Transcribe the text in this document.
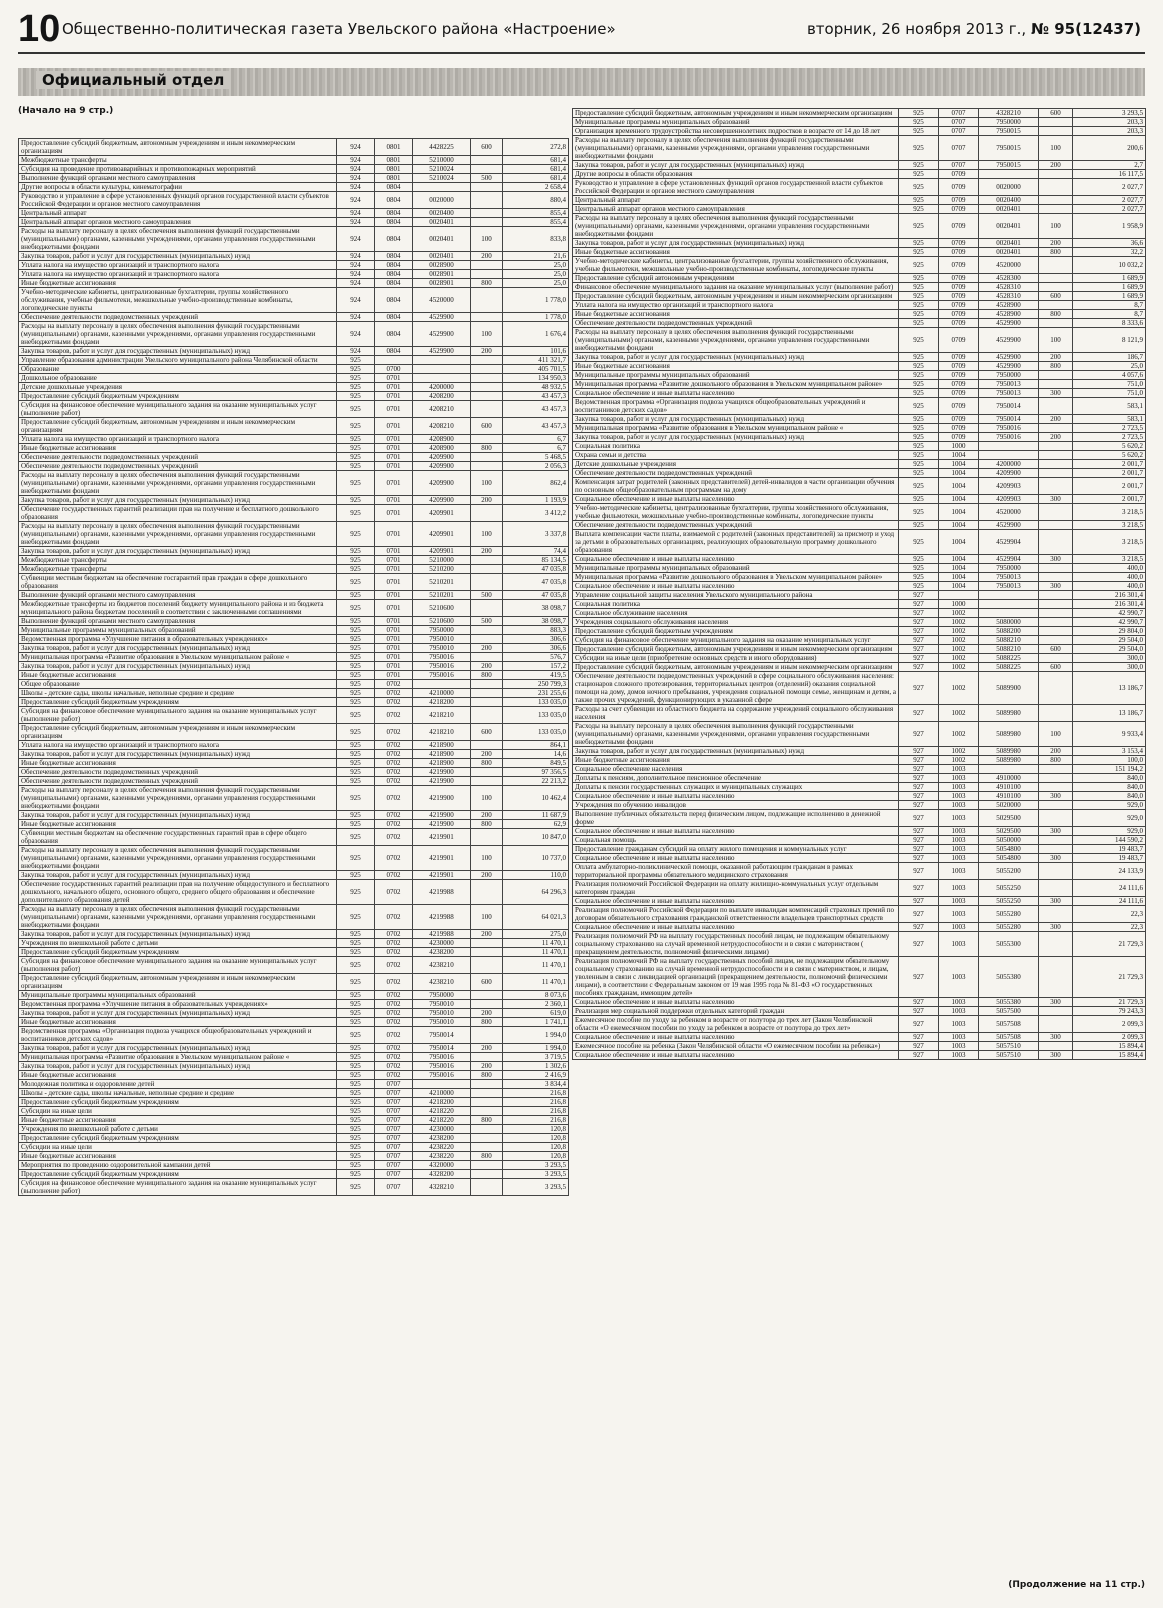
10 Общественно-политическая газета Увельского района «Настроение»	вторник, 26 ноября 2013 г., № 95(12437)
Официальный отдел
(Начало на 9 стр.)
Предоставление субсидий бюджетным, автономным учреждениям и иным некоммерческим организациям	924	0801	4428225	600	272,8
Межбюджетные трансферты	924	0801	5210000		681,4
Субсидия на проведение противоаварийных и противопожарных мероприятий	924	0801	5210024		681,4
Выполнение функций органами местного самоуправления	924	0801	5210024	500	681,4
Другие вопросы в области культуры, кинематографии	924	0804			2 658,4
Руководство и управление в сфере установленных функций органов государственной власти субъектов Российской Федерации и органов местного самоуправления	924	0804	0020000		880,4
Центральный аппарат	924	0804	0020400		855,4
Центральный аппарат органов местного самоуправления	924	0804	0020401		855,4
Расходы на выплату персоналу в целях обеспечения выполнения функций государственными (муниципальными) органами, казенными учреждениями, органами управления государственными внебюджетными фондами	924	0804	0020401	100	833,8
Закупка товаров, работ и услуг для государственных (муниципальных) нужд	924	0804	0020401	200	21,6
Уплата налога на имущество организаций и транспортного налога	924	0804	0028900		25,0
Уплата налога на имущество организаций и транспортного налога	924	0804	0028901		25,0
Иные бюджетные ассигнования	924	0804	0028901	800	25,0
Учебно-методические кабинеты, централизованные бухгалтерии, группы хозяйственного обслуживания, учебные фильмотеки, межшкольные учебно-производственные комбинаты, логопедические пункты	924	0804	4520000		1 778,0
Обеспечение деятельности подведомственных учреждений	924	0804	4529900		1 778,0
Расходы на выплату персоналу в целях обеспечения выполнения функций государственными (муниципальными) органами, казенными учреждениями, органами управления государственными внебюджетными фондами	924	0804	4529900	100	1 676,4
Закупка товаров, работ и услуг для государственных (муниципальных) нужд	924	0804	4529900	200	101,6
Управление образования администрации Увельского муниципального района Челябинской области	925				411 321,7
Образование	925	0700			405 701,5
Дошкольное образование	925	0701			134 950,3
Детские дошкольные учреждения	925	0701	4200000		48 932,5
Предоставление субсидий бюджетным учреждениям	925	0701	4208200		43 457,3
Субсидия на финансовое обеспечение муниципального задания на оказание муниципальных услуг (выполнение работ)	925	0701	4208210		43 457,3
Предоставление субсидий бюджетным, автономным учреждениям и иным некоммерческим организациям	925	0701	4208210	600	43 457,3
Уплата налога на имущество организаций и транспортного налога	925	0701	4208900		6,7
Иные бюджетные ассигнования	925	0701	4208900	800	6,7
Обеспечение деятельности подведомственных учреждений	925	0701	4209900		5 468,5
Обеспечение деятельности подведомственных учреждений	925	0701	4209900		2 056,3
Расходы на выплату персоналу в целях обеспечения выполнения функций государственными (муниципальными) органами, казенными учреждениями, органами управления государственными внебюджетными фондами	925	0701	4209900	100	862,4
Закупка товаров, работ и услуг для государственных (муниципальных) нужд	925	0701	4209900	200	1 193,9
Обеспечение государственных гарантий реализации прав на получение и бесплатного дошкольного образования	925	0701	4209901		3 412,2
Расходы на выплату персоналу в целях обеспечения выполнения функций государственными (муниципальными) органами, казенными учреждениями, органами управления государственными внебюджетными фондами	925	0701	4209901	100	3 337,8
Закупка товаров, работ и услуг для государственных (муниципальных) нужд	925	0701	4209901	200	74,4
Межбюджетные трансферты	925	0701	5210000		85 134,5
Межбюджетные трансферты	925	0701	5210200		47 035,8
Субвенции местным бюджетам на обеспечение госгарантий прав граждан в сфере дошкольного образования	925	0701	5210201		47 035,8
Выполнение функций органами местного самоуправления	925	0701	5210201	500	47 035,8
Межбюджетные трансферты из бюджетов поселений бюджету муниципального района и из бюджета муниципального района бюджетам поселений в соответствии с заключенными соглашениями	925	0701	5210600		38 098,7
Выполнение функций органами местного самоуправления	925	0701	5210600	500	38 098,7
Муниципальные программы муниципальных образований	925	0701	7950000		883,3
Ведомственная программа «Улучшение питания в образовательных учреждениях»	925	0701	7950010		306,6
Закупка товаров, работ и услуг для государственных (муниципальных) нужд	925	0701	7950010	200	306,6
Муниципальная программа «Развитие образования в Увельском муниципальном районе «	925	0701	7950016		576,7
Закупка товаров, работ и услуг для государственных (муниципальных) нужд	925	0701	7950016	200	157,2
Иные бюджетные ассигнования	925	0701	7950016	800	419,5
Общее образование	925	0702			250 799,3
Школы - детские сады, школы начальные, неполные средние и средние	925	0702	4210000		231 255,6
Предоставление субсидий бюджетным учреждениям	925	0702	4218200		133 035,0
Субсидия на финансовое обеспечение муниципального задания на оказание муниципальных услуг (выполнение работ)	925	0702	4218210		133 035,0
Предоставление субсидий бюджетным, автономным учреждениям и иным некоммерческим организациям	925	0702	4218210	600	133 035,0
Уплата налога на имущество организаций и транспортного налога	925	0702	4218900		864,1
Закупка товаров, работ и услуг для государственных (муниципальных) нужд	925	0702	4218900	200	14,6
Иные бюджетные ассигнования	925	0702	4218900	800	849,5
Обеспечение деятельности подведомственных учреждений	925	0702	4219900		97 356,5
Обеспечение деятельности подведомственных учреждений	925	0702	4219900		22 213,2
Расходы на выплату персоналу в целях обеспечения выполнения функций государственными (муниципальными) органами, казенными учреждениями, органами управления государственными внебюджетными фондами	925	0702	4219900	100	10 462,4
Закупка товаров, работ и услуг для государственных (муниципальных) нужд	925	0702	4219900	200	11 687,9
Иные бюджетные ассигнования	925	0702	4219900	800	62,9
Субвенции местным бюджетам на обеспечение государственных гарантий прав в сфере общего образования	925	0702	4219901		10 847,0
Расходы на выплату персоналу в целях обеспечения выполнения функций государственными (муниципальными) органами, казенными учреждениями, органами управления государственными внебюджетными фондами	925	0702	4219901	100	10 737,0
Закупка товаров, работ и услуг для государственных (муниципальных) нужд	925	0702	4219901	200	110,0
Обеспечение государственных гарантий реализации прав на получение общедоступного и бесплатного дошкольного, начального общего, основного общего, среднего общего образования и обеспечение дополнительного образования детей	925	0702	4219988		64 296,3
Расходы на выплату персоналу в целях обеспечения выполнения функций государственными (муниципальными) органами, казенными учреждениями, органами управления государственными внебюджетными фондами	925	0702	4219988	100	64 021,3
Закупка товаров, работ и услуг для государственных (муниципальных) нужд	925	0702	4219988	200	275,0
Учреждения по внешкольной работе с детьми	925	0702	4230000		11 470,1
Предоставление субсидий бюджетным учреждениям	925	0702	4238200		11 470,1
Субсидия на финансовое обеспечение муниципального задания на оказание муниципальных услуг (выполнения работ)	925	0702	4238210		11 470,1
Предоставление субсидий бюджетным, автономным учреждениям и иным некоммерческим организациям	925	0702	4238210	600	11 470,1
Муниципальные программы муниципальных образований	925	0702	7950000		8 073,6
Ведомственная программа «Улучшение питания в образовательных учреждениях»	925	0702	7950010		2 360,1
Закупка товаров, работ и услуг для государственных (муниципальных) нужд	925	0702	7950010	200	619,0
Иные бюджетные ассигнования	925	0702	7950010	800	1 741,1
Ведомственная программа «Организация подвоза учащихся общеобразовательных учреждений и воспитанников детских садов»	925	0702	7950014		1 994,0
Закупка товаров, работ и услуг для государственных (муниципальных) нужд	925	0702	7950014	200	1 994,0
Муниципальная программа «Развитие образования в Увельском муниципальном районе «	925	0702	7950016		3 719,5
Закупка товаров, работ и услуг для государственных (муниципальных) нужд	925	0702	7950016	200	1 302,6
Иные бюджетные ассигнования	925	0702	7950016	800	2 416,9
Молодежная политика и оздоровление детей	925	0707			3 834,4
Школы - детские сады, школы начальные, неполные средние и средние	925	0707	4210000		216,8
Предоставление субсидий бюджетным учреждениям	925	0707	4218200		216,8
Субсидии на иные цели	925	0707	4218220		216,8
Иные бюджетные ассигнования	925	0707	4218220	800	216,8
Учреждения по внешкольной работе с детьми	925	0707	4230000		120,8
Предоставление субсидий бюджетным учреждениям	925	0707	4238200		120,8
Субсидии на иные цели	925	0707	4238220		120,8
Иные бюджетные ассигнования	925	0707	4238220	800	120,8
Мероприятия по проведению оздоровительной кампании детей	925	0707	4320000		3 293,5
Предоставление субсидий бюджетным учреждениям	925	0707	4328200		3 293,5
Субсидия на финансовое обеспечение муниципального задания на оказание муниципальных услуг (выполнение работ)	925	0707	4328210		3 293,5
Предоставление субсидий бюджетным, автономным учреждениям и иным некоммерческим организациям	925	0707	4328210	600	3 293,5
Муниципальные программы муниципальных образований	925	0707	7950000		203,3
Организация временного трудоустройства несовершеннолетних подростков в возрасте от 14 до 18 лет	925	0707	7950015		203,3
Расходы на выплату персоналу в целях обеспечения выполнения функций государственными (муниципальными) органами, казенными учреждениями, органами управления государственными внебюджетными фондами	925	0707	7950015	100	200,6
Закупка товаров, работ и услуг для государственных (муниципальных) нужд	925	0707	7950015	200	2,7
Другие вопросы в области образования	925	0709			16 117,5
Руководство и управление в сфере установленных функций органов государственной власти субъектов Российской Федерации и органов местного самоуправления	925	0709	0020000		2 027,7
Центральный аппарат	925	0709	0020400		2 027,7
Центральный аппарат органов местного самоуправления	925	0709	0020401		2 027,7
Расходы на выплату персоналу в целях обеспечения выполнения функций государственными (муниципальными) органами, казенными учреждениями, органами управления государственными внебюджетными фондами	925	0709	0020401	100	1 958,9
Закупка товаров, работ и услуг для государственных (муниципальных) нужд	925	0709	0020401	200	36,6
Иные бюджетные ассигнования	925	0709	0020401	800	32,2
Учебно-методические кабинеты, централизованные бухгалтерии, группы хозяйственного обслуживания, учебные фильмотеки, межшкольные учебно-производственные комбинаты, логопедические пункты	925	0709	4520000		10 032,2
Предоставление субсидий автономным учреждениям	925	0709	4528300		1 689,9
Финансовое обеспечение муниципального задания на оказание муниципальных услуг (выполнение работ)	925	0709	4528310		1 689,9
Предоставление субсидий бюджетным, автономным учреждениям и иным некоммерческим организациям	925	0709	4528310	600	1 689,9
Уплата налога на имущество организаций и транспортного налога	925	0709	4528900		8,7
Иные бюджетные ассигнования	925	0709	4528900	800	8,7
Обеспечение деятельности подведомственных учреждений	925	0709	4529900		8 333,6
Расходы на выплату персоналу в целях обеспечения выполнения функций государственными (муниципальными) органами, казенными учреждениями, органами управления государственными внебюджетными фондами	925	0709	4529900	100	8 121,9
Закупка товаров, работ и услуг для государственных (муниципальных) нужд	925	0709	4529900	200	186,7
Иные бюджетные ассигнования	925	0709	4529900	800	25,0
Муниципальные программы муниципальных образований	925	0709	7950000		4 057,6
Муниципальная программа «Развитие дошкольного образования в Увельском муниципальном районе»	925	0709	7950013		751,0
Социальное обеспечение и иные выплаты населению	925	0709	7950013	300	751,0
Ведомственная программа «Организация подвоза учащихся общеобразовательных учреждений и воспитанников детских садов»	925	0709	7950014		583,1
Закупка товаров, работ и услуг для государственных (муниципальных) нужд	925	0709	7950014	200	583,1
Муниципальная программа «Развитие образования в Увельском муниципальном районе «	925	0709	7950016		2 723,5
Закупка товаров, работ и услуг для государственных (муниципальных) нужд	925	0709	7950016	200	2 723,5
Социальная политика	925	1000			5 620,2
Охрана семьи и детства	925	1004			5 620,2
Детские дошкольные учреждения	925	1004	4200000		2 001,7
Обеспечение деятельности подведомственных учреждений	925	1004	4209900		2 001,7
Компенсация затрат родителей (законных представителей) детей-инвалидов в части организации обучения по основным общеобразовательным программам на дому	925	1004	4209903		2 001,7
Социальное обеспечение и иные выплаты населению	925	1004	4209903	300	2 001,7
Учебно-методические кабинеты, централизованные бухгалтерии, группы хозяйственного обслуживания, учебные фильмотеки, межшкольные учебно-производственные комбинаты, логопедические пункты	925	1004	4520000		3 218,5
Обеспечение деятельности подведомственных учреждений	925	1004	4529900		3 218,5
Выплата компенсации части платы, взимаемой с родителей (законных представителей) за присмотр и уход за детьми в образовательных организациях, реализующих образовательную программу дошкольного образования	925	1004	4529904		3 218,5
Социальное обеспечение и иные выплаты населению	925	1004	4529904	300	3 218,5
Муниципальные программы муниципальных образований	925	1004	7950000		400,0
Муниципальная программа «Развитие дошкольного образования в Увельском муниципальном районе»	925	1004	7950013		400,0
Социальное обеспечение и иные выплаты населению	925	1004	7950013	300	400,0
Управление социальной защиты населения Увельского муниципального района	927				216 301,4
Социальная политика	927	1000			216 301,4
Социальное обслуживание населения	927	1002			42 990,7
Учреждения социального обслуживания населения	927	1002	5080000		42 990,7
Предоставление субсидий бюджетным учреждениям	927	1002	5088200		29 804,0
Субсидия на финансовое обеспечение муниципального задания на оказание муниципальных услуг	927	1002	5088210		29 504,0
Предоставление субсидий бюджетным, автономным учреждениям и иным некоммерческим организациям	927	1002	5088210	600	29 504,0
Субсидии на иные цели (приобретение основных средств и иного оборудования)	927	1002	5088225		300,0
Предоставление субсидий бюджетным, автономным учреждениям и иным некоммерческим организациям	927	1002	5088225	600	300,0
Обеспечение деятельности подведомственных учреждений в сфере социального обслуживания населения: стационаров сложного протезирования, территориальных центров (отделений) оказания социальной помощи на дому, домов ночного пребывания, учреждения социальной помощи семье, женщинам и детям, а также прочих учреждений, функционирующих в указанной сфере	927	1002	5089900		13 186,7
Расходы за счет субвенции из областного бюджета на содержание учреждений социального обслуживания населения	927	1002	5089980		13 186,7
Расходы на выплату персоналу в целях обеспечения выполнения функций государственными (муниципальными) органами, казенными учреждениями, органами управления государственными внебюджетными фондами	927	1002	5089980	100	9 933,4
Закупка товаров, работ и услуг для государственных (муниципальных) нужд	927	1002	5089980	200	3 153,4
Иные бюджетные ассигнования	927	1002	5089980	800	100,0
Социальное обеспечение населения	927	1003			151 194,2
Доплаты к пенсиям, дополнительное пенсионное обеспечение	927	1003	4910000		840,0
Доплаты к пенсии государственных служащих и муниципальных служащих	927	1003	4910100		840,0
Социальное обеспечение и иные выплаты населению	927	1003	4910100	300	840,0
Учреждения по обучению инвалидов	927	1003	5020000		929,0
Выполнение публичных обязательств перед физическим лицом, подлежащие исполнению в денежной форме	927	1003	5029500		929,0
Социальное обеспечение и иные выплаты населению	927	1003	5029500	300	929,0
Социальная помощь	927	1003	5050000		144 590,2
Предоставление гражданам субсидий на оплату жилого помещения и коммунальных услуг	927	1003	5054800		19 483,7
Социальное обеспечение и иные выплаты населению	927	1003	5054800	300	19 483,7
Оплата амбулаторно-поликлинической помощи, оказанной работающим гражданам в рамках территориальной программы обязательного медицинского страхования	927	1003	5055200		24 133,9
Реализация полномочий Российской Федерации на оплату жилищно-коммунальных услуг отдельным категориям граждан	927	1003	5055250		24 111,6
Социальное обеспечение и иные выплаты населению	927	1003	5055250	300	24 111,6
Реализация полномочий Российской Федерации по выплате инвалидам компенсаций страховых премий по договорам обязательного страхования гражданской ответственности владельцев транспортных средств	927	1003	5055280		22,3
Социальное обеспечение и иные выплаты населению	927	1003	5055280	300	22,3
Реализация полномочий РФ на выплату государственных пособий лицам, не подлежащим обязательному социальному страхованию на случай временной нетрудоспособности и в связи с материнством ( прекращением деятельности, полномочий физическими лицами)	927	1003	5055300		21 729,3
Реализация полномочий РФ на выплату государственных пособий лицам, не подлежащим обязательному социальному страхованию на случай временной нетрудоспособности и в связи с материнством, и лицам, уволенным в связи с ликвидацией организаций (прекращением деятельности, полномочий физическими лицами), в соответствии с Федеральным законом от 19 мая 1995 года № 81-ФЗ «О государственных пособиях гражданам, имеющим детей»	927	1003	5055380		21 729,3
Социальное обеспечение и иные выплаты населению	927	1003	5055380	300	21 729,3
Реализация мер социальной поддержки отдельных категорий граждан	927	1003	5057500		79 243,3
Ежемесячное пособие по уходу за ребенком в возрасте от полутора до трех лет (Закон Челябинской области «О ежемесячном пособии по уходу за ребенком в возрасте от полутора до трех лет»	927	1003	5057508		2 099,3
Социальное обеспечение и иные выплаты населению	927	1003	5057508	300	2 099,3
Ежемесячное пособие на ребенка (Закон Челябинской области «О ежемесячном пособии на ребенка»)	927	1003	5057510		15 894,4
Социальное обеспечение и иные выплаты населению	927	1003	5057510	300	15 894,4
(Продолжение на 11 стр.)
